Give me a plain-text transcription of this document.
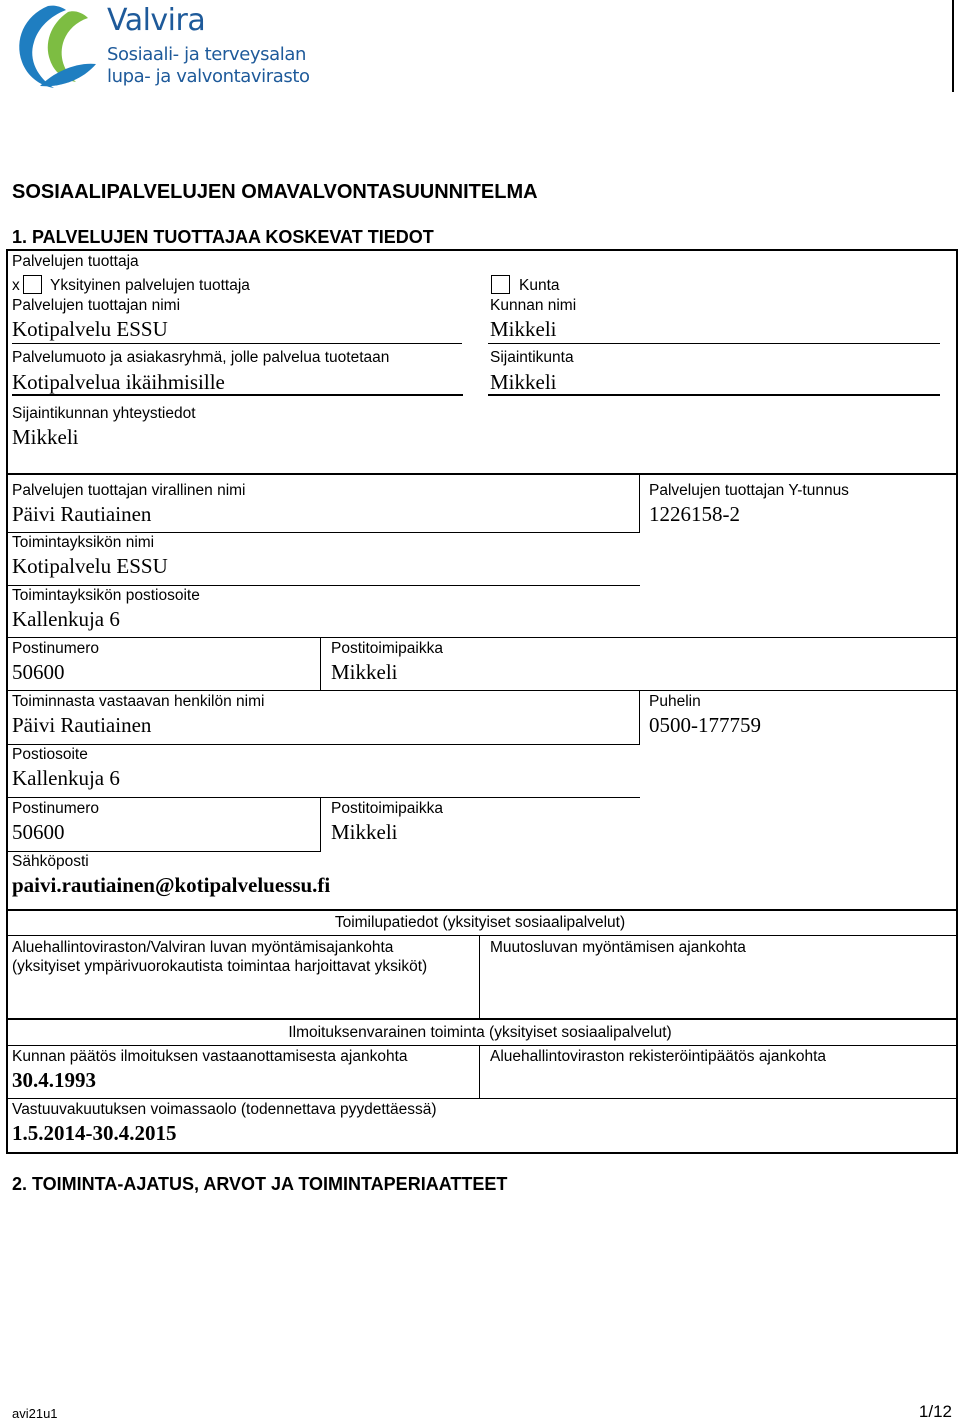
Valvira
Sosiaali- ja terveysalan
lupa- ja valvontavirasto
SOSIAALIPALVELUJEN OMAVALVONTASUUNNITELMA
1. PALVELUJEN TUOTTAJAA KOSKEVAT TIEDOT
Palvelujen tuottaja
x Yksityinen palvelujen tuottaja	Kunta
Palvelujen tuottajan nimi
Kotipalvelu ESSU
Kunnan nimi
Mikkeli
Palvelumuoto ja asiakasryhmä, jolle palvelua tuotetaan
Kotipalvelua ikäihmisille
Sijaintikunta
Mikkeli
Sijaintikunnan yhteystiedot
Mikkeli
Palvelujen tuottajan virallinen nimi
Päivi Rautiainen
Palvelujen tuottajan Y-tunnus
1226158-2
Toimintayksikön nimi
Kotipalvelu ESSU
Toimintayksikön postiosoite
Kallenkuja 6
Postinumero
50600
Postitoimipaikka
Mikkeli
Toiminnasta vastaavan henkilön nimi
Päivi Rautiainen
Puhelin
0500-177759
Postiosoite
Kallenkuja 6
Postinumero
50600
Postitoimipaikka
Mikkeli
Sähköposti
paivi.rautiainen@kotipalveluessu.fi
Toimilupatiedot (yksityiset sosiaalipalvelut)
Aluehallintoviraston/Valviran luvan myöntämisajankohta
(yksityiset ympärivuorokautista toimintaa harjoittavat yksiköt)
Muutosluvan myöntämisen ajankohta
Ilmoituksenvarainen toiminta (yksityiset sosiaalipalvelut)
Kunnan päätös ilmoituksen vastaanottamisesta ajankohta
30.4.1993
Aluehallintoviraston rekisteröintipäätös ajankohta
Vastuuvakuutuksen voimassaolo (todennettava pyydettäessä)
1.5.2014-30.4.2015
2. TOIMINTA-AJATUS, ARVOT JA TOIMINTAPERIAATTEET
avi21u1	1/12
